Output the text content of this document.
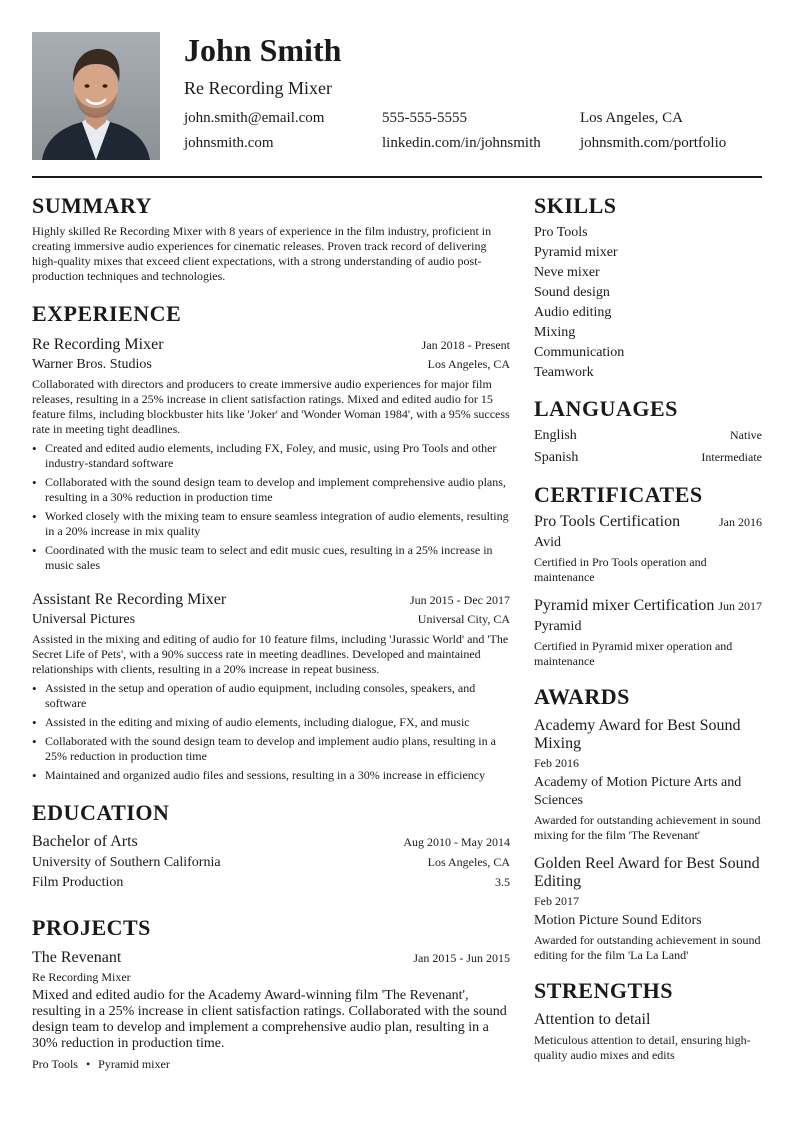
John Smith
Re Recording Mixer
john.smith@email.com	555-555-5555	Los Angeles, CA
johnsmith.com	linkedin.com/in/johnsmith	johnsmith.com/portfolio
SUMMARY
Highly skilled Re Recording Mixer with 8 years of experience in the film industry, proficient in creating immersive audio experiences for cinematic releases. Proven track record of delivering high-quality mixes that exceed client expectations, with a strong understanding of audio post-production techniques and technologies.
EXPERIENCE
Re Recording Mixer	Jan 2018 - Present
Warner Bros. Studios	Los Angeles, CA
Collaborated with directors and producers to create immersive audio experiences for major film releases, resulting in a 25% increase in client satisfaction ratings. Mixed and edited audio for 15 feature films, including blockbuster hits like 'Joker' and 'Wonder Woman 1984', with a 95% success rate in meeting tight deadlines.
• Created and edited audio elements, including FX, Foley, and music, using Pro Tools and other industry-standard software
• Collaborated with the sound design team to develop and implement comprehensive audio plans, resulting in a 30% reduction in production time
• Worked closely with the mixing team to ensure seamless integration of audio elements, resulting in a 20% increase in mix quality
• Coordinated with the music team to select and edit music cues, resulting in a 25% increase in music sales
Assistant Re Recording Mixer	Jun 2015 - Dec 2017
Universal Pictures	Universal City, CA
Assisted in the mixing and editing of audio for 10 feature films, including 'Jurassic World' and 'The Secret Life of Pets', with a 90% success rate in meeting deadlines. Developed and maintained relationships with clients, resulting in a 20% increase in repeat business.
• Assisted in the setup and operation of audio equipment, including consoles, speakers, and software
• Assisted in the editing and mixing of audio elements, including dialogue, FX, and music
• Collaborated with the sound design team to develop and implement audio plans, resulting in a 25% reduction in production time
• Maintained and organized audio files and sessions, resulting in a 30% increase in efficiency
EDUCATION
Bachelor of Arts	Aug 2010 - May 2014
University of Southern California	Los Angeles, CA
Film Production	3.5
PROJECTS
The Revenant	Jan 2015 - Jun 2015
Re Recording Mixer
Mixed and edited audio for the Academy Award-winning film 'The Revenant', resulting in a 25% increase in client satisfaction ratings. Collaborated with the sound design team to develop and implement a comprehensive audio plan, resulting in a 30% reduction in production time.
Pro Tools • Pyramid mixer
SKILLS
Pro Tools
Pyramid mixer
Neve mixer
Sound design
Audio editing
Mixing
Communication
Teamwork
LANGUAGES
English	Native
Spanish	Intermediate
CERTIFICATES
Pro Tools Certification	Jan 2016
Avid
Certified in Pro Tools operation and maintenance
Pyramid mixer Certification Jun 2017
Pyramid
Certified in Pyramid mixer operation and maintenance
AWARDS
Academy Award for Best Sound Mixing
Feb 2016
Academy of Motion Picture Arts and Sciences
Awarded for outstanding achievement in sound mixing for the film 'The Revenant'
Golden Reel Award for Best Sound Editing
Feb 2017
Motion Picture Sound Editors
Awarded for outstanding achievement in sound editing for the film 'La La Land'
STRENGTHS
Attention to detail
Meticulous attention to detail, ensuring high-quality audio mixes and edits
